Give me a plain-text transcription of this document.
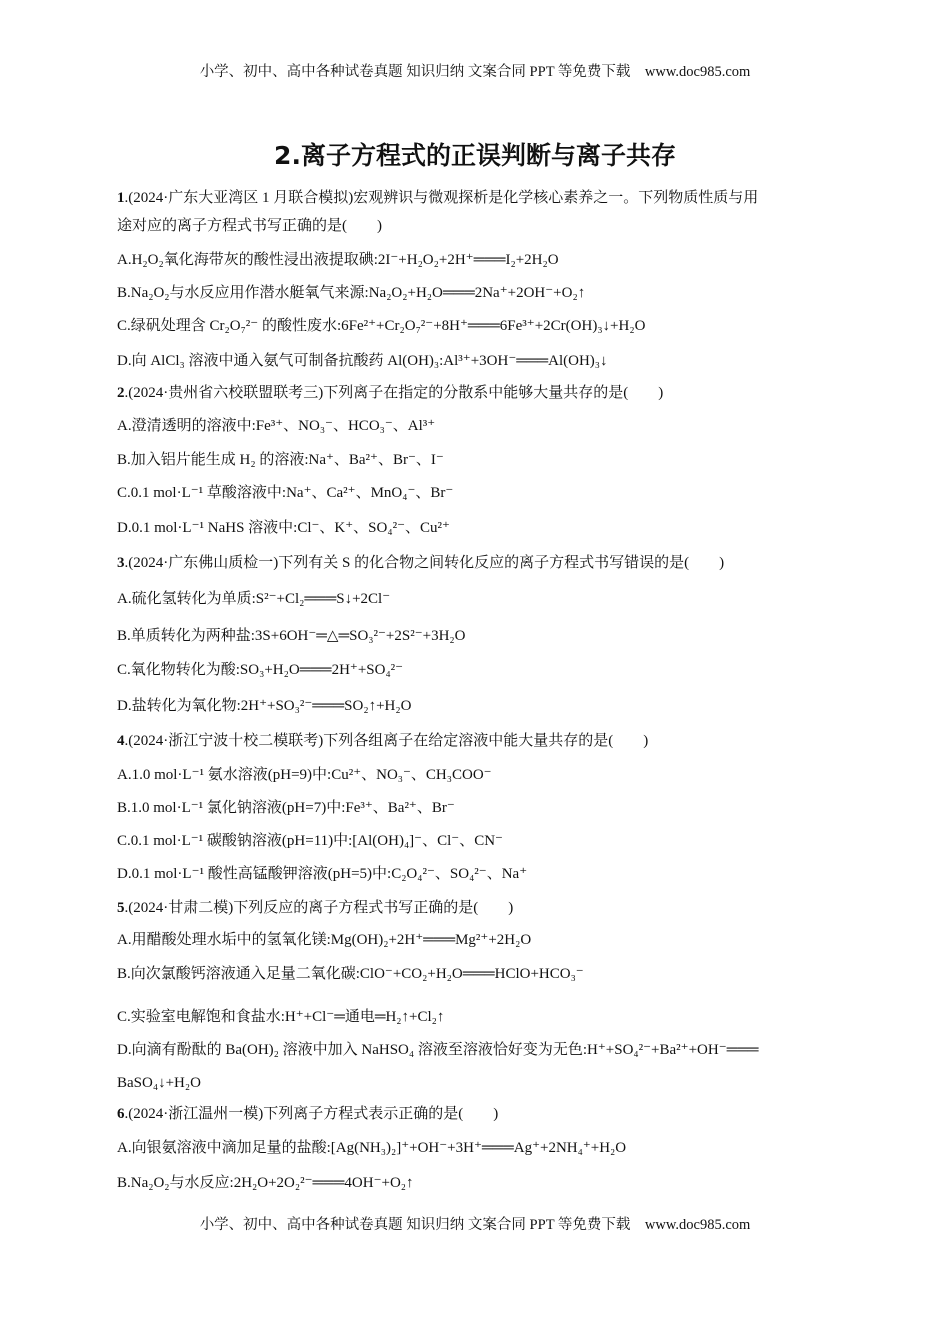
小学、初中、高中各种试卷真题 知识归纳 文案合同 PPT 等免费下载　www.doc985.com
2.离子方程式的正误判断与离子共存
1.(2024·广东大亚湾区 1 月联合模拟)宏观辨识与微观探析是化学核心素养之一。下列物质性质与用
途对应的离子方程式书写正确的是(　　)
A.H₂O₂氧化海带灰的酸性浸出液提取碘:2I⁻+H₂O₂+2H⁺═══I₂+2H₂O
B.Na₂O₂与水反应用作潜水艇氧气来源:Na₂O₂+H₂O═══2Na⁺+2OH⁻+O₂↑
C.绿矾处理含 Cr₂O₇²⁻ 的酸性废水:6Fe²⁺+Cr₂O₇²⁻+8H⁺═══6Fe³⁺+2Cr(OH)₃↓+H₂O
D.向 AlCl₃ 溶液中通入氨气可制备抗酸药 Al(OH)₃:Al³⁺+3OH⁻═══Al(OH)₃↓
2.(2024·贵州省六校联盟联考三)下列离子在指定的分散系中能够大量共存的是(　　)
A.澄清透明的溶液中:Fe³⁺、NO₃⁻、HCO₃⁻、Al³⁺
B.加入铝片能生成 H₂ 的溶液:Na⁺、Ba²⁺、Br⁻、I⁻
C.0.1 mol·L⁻¹ 草酸溶液中:Na⁺、Ca²⁺、MnO₄⁻、Br⁻
D.0.1 mol·L⁻¹ NaHS 溶液中:Cl⁻、K⁺、SO₄²⁻、Cu²⁺
3.(2024·广东佛山质检一)下列有关 S 的化合物之间转化反应的离子方程式书写错误的是(　　)
A.硫化氢转化为单质:S²⁻+Cl₂═══S↓+2Cl⁻
B.单质转化为两种盐:3S+6OH⁻═△═SO₃²⁻+2S²⁻+3H₂O
C.氧化物转化为酸:SO₃+H₂O═══2H⁺+SO₄²⁻
D.盐转化为氧化物:2H⁺+SO₃²⁻═══SO₂↑+H₂O
4.(2024·浙江宁波十校二模联考)下列各组离子在给定溶液中能大量共存的是(　　)
A.1.0 mol·L⁻¹ 氨水溶液(pH=9)中:Cu²⁺、NO₃⁻、CH₃COO⁻
B.1.0 mol·L⁻¹ 氯化钠溶液(pH=7)中:Fe³⁺、Ba²⁺、Br⁻
C.0.1 mol·L⁻¹ 碳酸钠溶液(pH=11)中:[Al(OH)₄]⁻、Cl⁻、CN⁻
D.0.1 mol·L⁻¹ 酸性高锰酸钾溶液(pH=5)中:C₂O₄²⁻、SO₄²⁻、Na⁺
5.(2024·甘肃二模)下列反应的离子方程式书写正确的是(　　)
A.用醋酸处理水垢中的氢氧化镁:Mg(OH)₂+2H⁺═══Mg²⁺+2H₂O
B.向次氯酸钙溶液通入足量二氧化碳:ClO⁻+CO₂+H₂O═══HClO+HCO₃⁻
C.实验室电解饱和食盐水:H⁺+Cl⁻═通电═H₂↑+Cl₂↑
D.向滴有酚酞的 Ba(OH)₂ 溶液中加入 NaHSO₄ 溶液至溶液恰好变为无色:H⁺+SO₄²⁻+Ba²⁺+OH⁻═══
BaSO₄↓+H₂O
6.(2024·浙江温州一模)下列离子方程式表示正确的是(　　)
A.向银氨溶液中滴加足量的盐酸:[Ag(NH₃)₂]⁺+OH⁻+3H⁺═══Ag⁺+2NH₄⁺+H₂O
B.Na₂O₂与水反应:2H₂O+2O₂²⁻═══4OH⁻+O₂↑
小学、初中、高中各种试卷真题 知识归纳 文案合同 PPT 等免费下载　www.doc985.com
